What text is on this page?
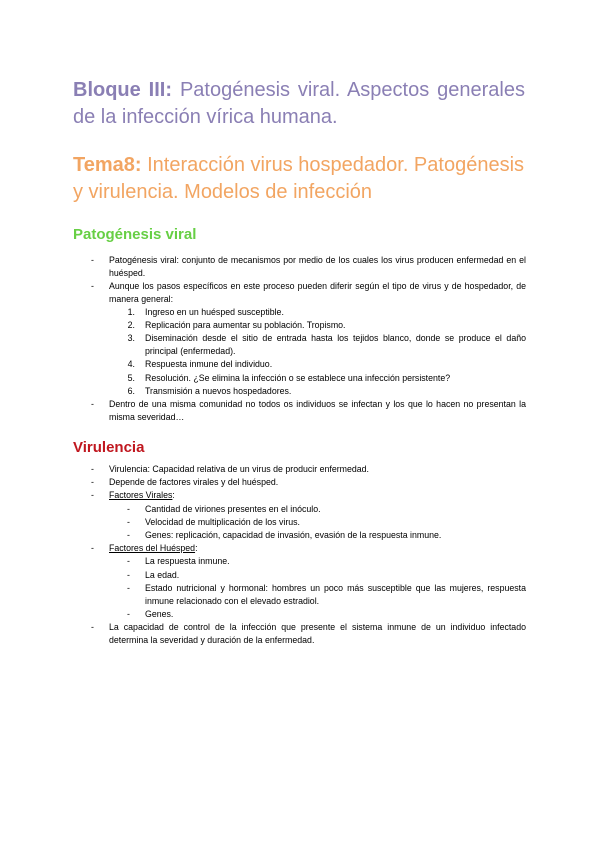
Bloque III: Patogénesis viral. Aspectos generales de la infección vírica humana.
Tema8: Interacción virus hospedador. Patogénesis y virulencia. Modelos de infección
Patogénesis viral
-	Patogénesis viral: conjunto de mecanismos por medio de los cuales los virus producen enfermedad en el huésped.
-	Aunque los pasos específicos en este proceso pueden diferir según el tipo de virus y de hospedador, de manera general:
1. Ingreso en un huésped susceptible.
2. Replicación para aumentar su población. Tropismo.
3. Diseminación desde el sitio de entrada hasta los tejidos blanco, donde se produce el daño principal (enfermedad).
4. Respuesta inmune del individuo.
5. Resolución. ¿Se elimina la infección o se establece una infección persistente?
6. Transmisión a nuevos hospedadores.
-	Dentro de una misma comunidad no todos os individuos se infectan y los que lo hacen no presentan la misma severidad…
Virulencia
-	Virulencia: Capacidad relativa de un virus de producir enfermedad.
-	Depende de factores virales y del huésped.
-	Factores Virales:
-	Cantidad de viriones presentes en el inóculo.
-	Velocidad de multiplicación de los virus.
-	Genes: replicación, capacidad de invasión, evasión de la respuesta inmune.
-	Factores del Huésped:
-	La respuesta inmune.
-	La edad.
-	Estado nutricional y hormonal: hombres un poco más susceptible que las mujeres, respuesta inmune relacionado con el elevado estradiol.
-	Genes.
-	La capacidad de control de la infección que presente el sistema inmune de un individuo infectado determina la severidad y duración de la enfermedad.
